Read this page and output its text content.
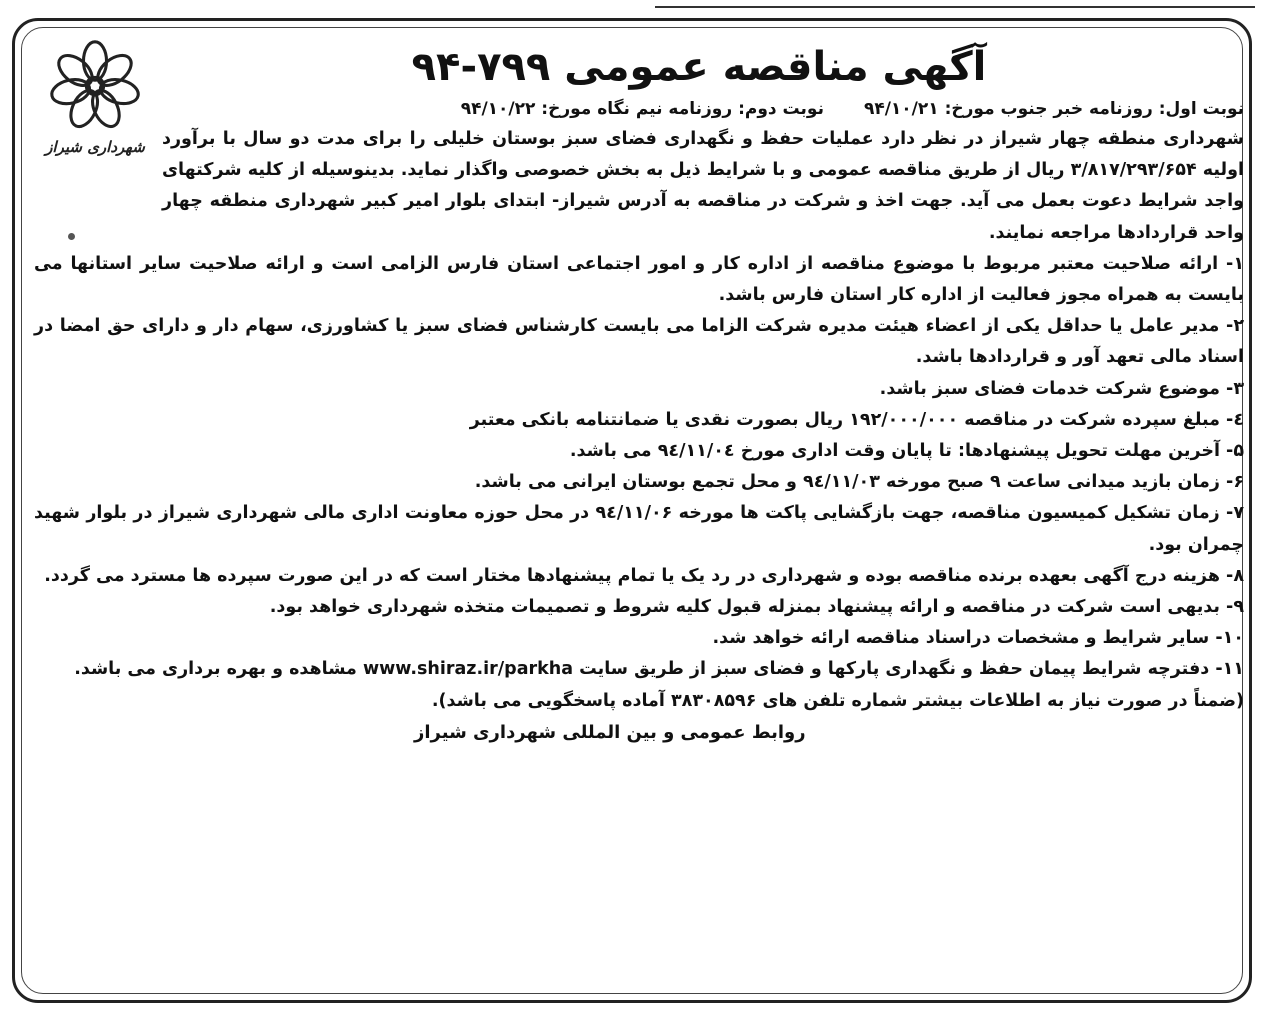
شهرداری شیراز
آگهی مناقصه عمومی ۷۹۹-۹۴
نوبت اول: روزنامه خبر جنوب مورخ: ۹۴/۱۰/۲۱
نوبت دوم: روزنامه نیم نگاه مورخ: ۹۴/۱۰/۲۲

شهرداری منطقه چهار شیراز در نظر دارد عملیات حفظ و نگهداری فضای سبز بوستان خلیلی را برای مدت دو سال با برآورد اولیه ۳/۸۱۷/۲۹۳/۶۵۴ ریال از طریق مناقصه عمومی و با شرایط ذیل به بخش خصوصی واگذار نماید. بدینوسیله از کلیه شرکتهای واجد شرایط دعوت بعمل می آید. جهت اخذ و شرکت در مناقصه به آدرس شیراز- ابتدای بلوار امیر کبیر شهرداری منطقه چهار واحد قراردادها مراجعه نمایند.

۱- ارائه صلاحیت معتبر مربوط با موضوع مناقصه از اداره کار و امور اجتماعی استان فارس الزامی است و ارائه صلاحیت سایر استانها می بایست به همراه مجوز فعالیت از اداره کار استان فارس باشد.

۲- مدیر عامل یا حداقل یکی از اعضاء هیئت مدیره شرکت الزاما می بایست کارشناس فضای سبز یا کشاورزی، سهام دار و دارای حق امضا در اسناد مالی تعهد آور و قراردادها باشد.

۳- موضوع شرکت خدمات فضای سبز باشد.

٤- مبلغ سپرده شرکت در مناقصه ۱۹۲/۰۰۰/۰۰۰ ریال بصورت نقدی یا ضمانتنامه بانکی معتبر

۵- آخرین مهلت تحویل پیشنهادها: تا پایان وقت اداری مورخ ۹٤/۱۱/۰٤ می باشد.

۶- زمان بازید میدانی ساعت ۹ صبح مورخه ۹٤/۱۱/۰۳ و محل تجمع بوستان ایرانی می باشد.

۷- زمان تشکیل کمیسیون مناقصه، جهت بازگشایی پاکت ها مورخه ۹٤/۱۱/۰۶ در محل حوزه معاونت اداری مالی شهرداری شیراز در بلوار شهید چمران بود.

۸- هزینه درج آگهی بعهده برنده مناقصه بوده و شهرداری در رد یک یا تمام پیشنهادها مختار است که در این صورت سپرده ها مسترد می گردد.

۹- بدیهی است شرکت در مناقصه و ارائه پیشنهاد بمنزله قبول کلیه شروط و تصمیمات متخذه شهرداری خواهد بود.

۱۰- سایر شرایط و مشخصات دراسناد مناقصه ارائه خواهد شد.

۱۱- دفترچه شرایط پیمان حفظ و نگهداری پارکها و فضای سبز از طریق سایت www.shiraz.ir/parkha مشاهده و بهره برداری می باشد.

(ضمناً در صورت نیاز به اطلاعات بیشتر شماره تلفن های ۳۸۳۰۸۵۹۶ آماده پاسخگویی می باشد).

روابط عمومی و بین المللی شهرداری شیراز
